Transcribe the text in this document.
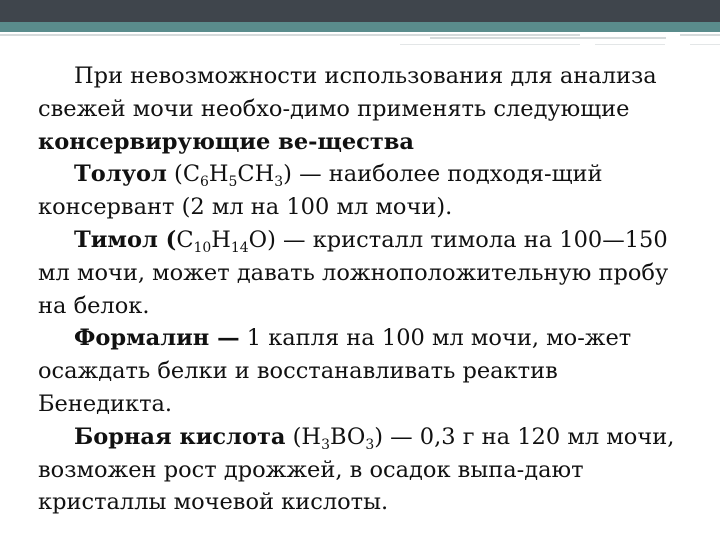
При невозможности использования для анализа свежей мочи необхо-димо применять следующие консервирующие ве-щества

Толуол $(C_6H_5CH_3)$ — наиболее подходя-щий консервант (2 мл на 100 мл мочи).

Тимол $(C_{10}H_{14}O)$ — кристалл тимола на 100—150 мл мочи, может давать ложноположительную пробу на белок.

Формалин — 1 капля на 100 мл мочи, мо-жет осаждать белки и восстанавливать реактив Бенедикта.

Борная кислота $(H_3BO_3)$ — 0,3 г на 120 мл мочи, возможен рост дрожжей, в осадок выпа-дают кристаллы мочевой кислоты.
